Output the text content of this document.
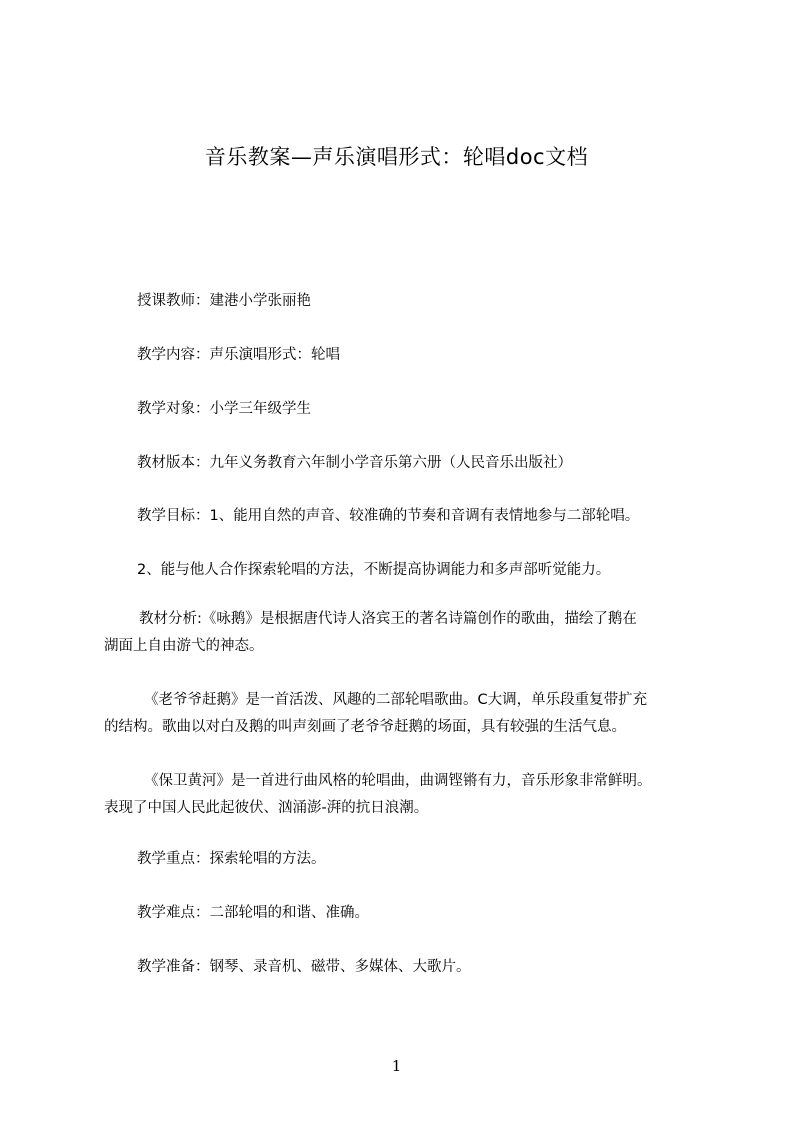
音乐教案—声乐演唱形式：轮唱doc文档
授课教师：建港小学张丽艳
教学内容：声乐演唱形式：轮唱
教学对象：小学三年级学生
教材版本：九年义务教育六年制小学音乐第六册（人民音乐出版社）
教学目标：1、能用自然的声音、较准确的节奏和音调有表情地参与二部轮唱。
2、能与他人合作探索轮唱的方法，不断提高协调能力和多声部听觉能力。
教材分析:《咏鹅》是根据唐代诗人洛宾王的著名诗篇创作的歌曲，描绘了鹅在
湖面上自由游弋的神态。
《老爷爷赶鹅》是一首活泼、风趣的二部轮唱歌曲。C大调，单乐段重复带扩充
的结构。歌曲以对白及鹅的叫声刻画了老爷爷赶鹅的场面，具有较强的生活气息。
《保卫黄河》是一首进行曲风格的轮唱曲，曲调铿锵有力，音乐形象非常鲜明。
表现了中国人民此起彼伏、汹涌澎-湃的抗日浪潮。
教学重点：探索轮唱的方法。
教学难点：二部轮唱的和谐、准确。
教学准备：钢琴、录音机、磁带、多媒体、大歌片。
1
